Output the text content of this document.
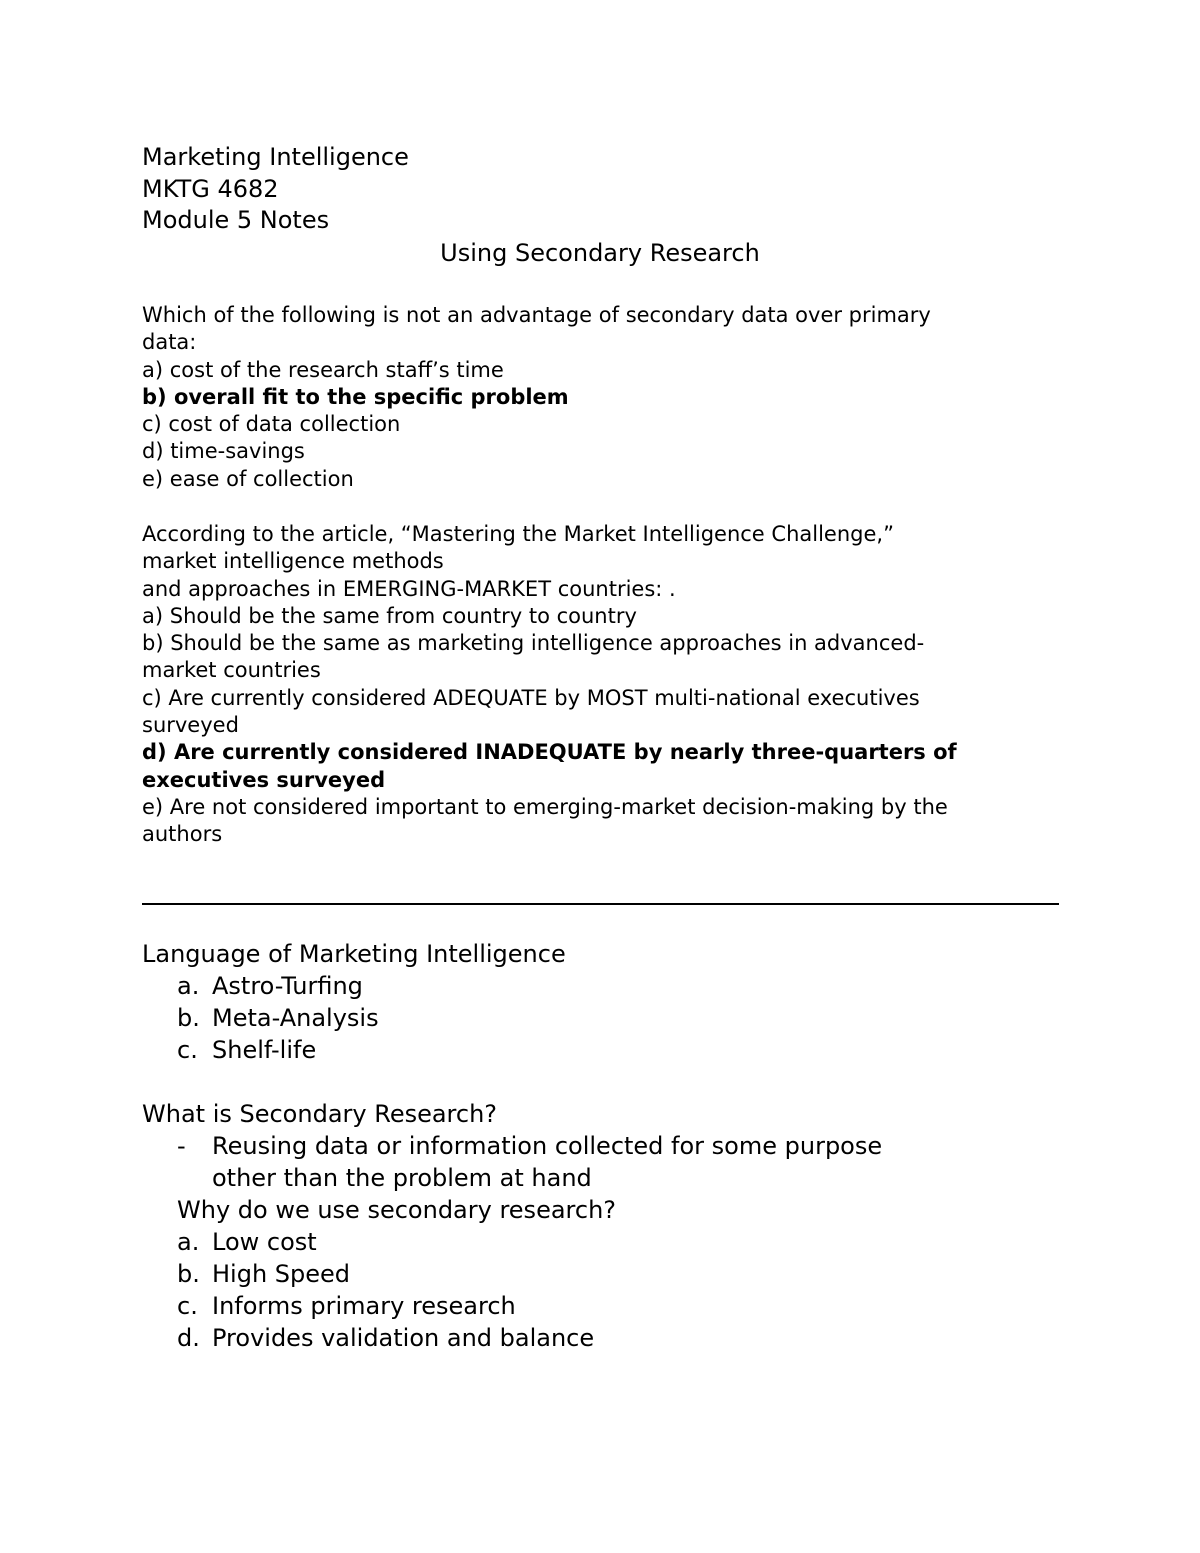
Marketing Intelligence
MKTG 4682
Module 5 Notes
Using Secondary Research
Which of the following is not an advantage of secondary data over primary
data:
a) cost of the research staff’s time
b) overall fit to the specific problem
c) cost of data collection
d) time-savings
e) ease of collection
According to the article, “Mastering the Market Intelligence Challenge,”
market intelligence methods
and approaches in EMERGING-MARKET countries: .
a) Should be the same from country to country
b) Should be the same as marketing intelligence approaches in advanced-
market countries
c) Are currently considered ADEQUATE by MOST multi-national executives
surveyed
d) Are currently considered INADEQUATE by nearly three-quarters of
executives surveyed
e) Are not considered important to emerging-market decision-making by the
authors
Language of Marketing Intelligence
a. Astro-Turfing
b. Meta-Analysis
c. Shelf-life
What is Secondary Research?
-	Reusing data or information collected for some purpose
other than the problem at hand
Why do we use secondary research?
a. Low cost
b. High Speed
c. Informs primary research
d. Provides validation and balance
